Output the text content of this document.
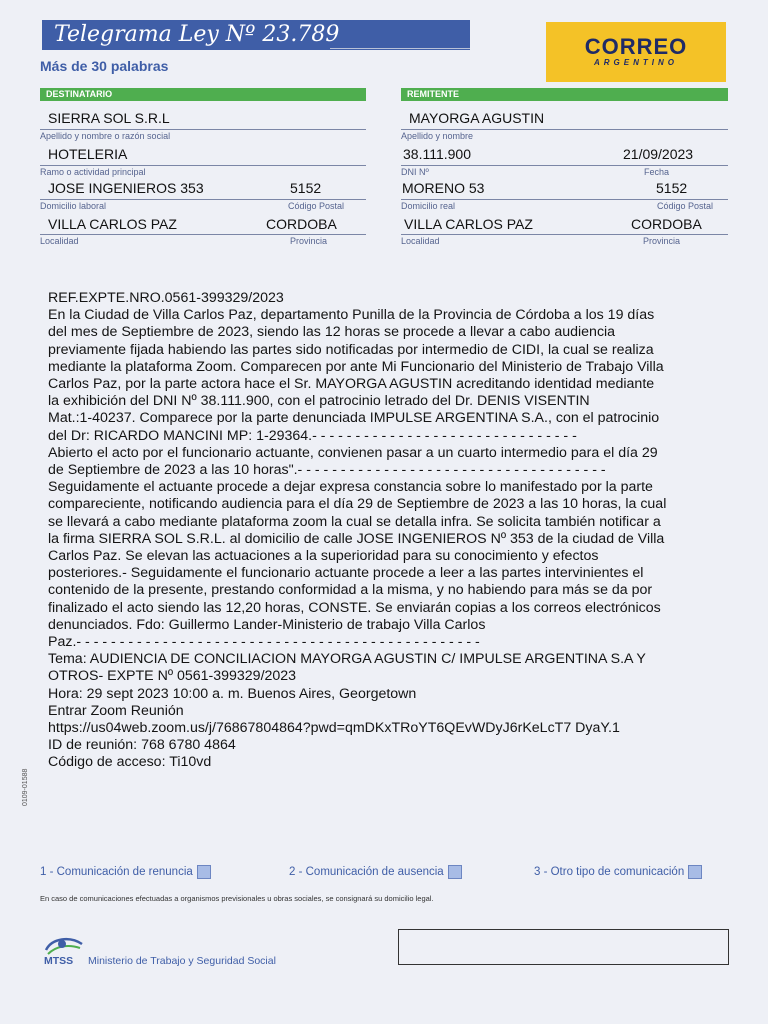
Telegrama Ley Nº 23.789
Más de 30 palabras
CORREO
ARGENTINO
DESTINATARIO
SIERRA SOL S.R.L
Apellido y nombre o razón social
HOTELERIA
Ramo o actividad principal
JOSE INGENIEROS 353	5152
Domicilio laboral	Código Postal
VILLA CARLOS PAZ	CORDOBA
Localidad	Provincia
REMITENTE
MAYORGA AGUSTIN
Apellido y nombre
38.111.900	21/09/2023
DNI Nº	Fecha
MORENO 53	5152
Domicilio real	Código Postal
VILLA CARLOS PAZ	CORDOBA
Localidad	Provincia
REF.EXPTE.NRO.0561-399329/2023
En la Ciudad de Villa Carlos Paz, departamento Punilla de la Provincia de Córdoba a los 19 días
del mes de Septiembre de 2023, siendo las 12 horas se procede a llevar a cabo audiencia
previamente fijada habiendo las partes sido notificadas por intermedio de CIDI, la cual se realiza
mediante la plataforma Zoom. Comparecen por ante Mi Funcionario del Ministerio de Trabajo Villa
Carlos Paz, por la parte actora hace el Sr. MAYORGA AGUSTIN acreditando identidad mediante
la exhibición del DNI Nº 38.111.900, con el patrocinio letrado del Dr. DENIS VISENTIN
Mat.:1-40237. Comparece por la parte denunciada IMPULSE ARGENTINA S.A., con el patrocinio
del Dr: RICARDO MANCINI MP: 1-29364.- - - - - - - - - - - - - - - - - - - - - - - - - - - - - - -
Abierto el acto por el funcionario actuante, convienen pasar a un cuarto intermedio para el día 29
de Septiembre de 2023 a las 10 horas".- - - - - - - - - - - - - - - - - - - - - - - - - - - - - - - - - - - -
Seguidamente el actuante procede a dejar expresa constancia sobre lo manifestado por la parte
compareciente, notificando audiencia para el día 29 de Septiembre de 2023 a las 10 horas, la cual
se llevará a cabo mediante plataforma zoom la cual se detalla infra. Se solicita también notificar a
la firma SIERRA SOL S.R.L. al domicilio de calle JOSE INGENIEROS Nº 353 de la ciudad de Villa
Carlos Paz. Se elevan las actuaciones a la superioridad para su conocimiento y efectos
posteriores.- Seguidamente el funcionario actuante procede a leer a las partes intervinientes el
contenido de la presente, prestando conformidad a la misma, y no habiendo para más se da por
finalizado el acto siendo las 12,20 horas, CONSTE. Se enviarán copias a los correos electrónicos
denunciados. Fdo: Guillermo Lander-Ministerio de trabajo Villa Carlos
Paz.- - - - - - - - - - - - - - - - - - - - - - - - - - - - - - - - - - - - - - - - - - - - - - -
Tema: AUDIENCIA DE CONCILIACION MAYORGA AGUSTIN C/ IMPULSE ARGENTINA S.A Y
OTROS- EXPTE Nº 0561-399329/2023
Hora: 29 sept 2023 10:00 a. m. Buenos Aires, Georgetown
Entrar Zoom Reunión
https://us04web.zoom.us/j/76867804864?pwd=qmDKxTRoYT6QEvWDyJ6rKeLcT7 DyaY.1
ID de reunión: 768 6780 4864
Código de acceso: Ti10vd
0109-01588
1 - Comunicación de renuncia	2 - Comunicación de ausencia	3 - Otro tipo de comunicación
En caso de comunicaciones efectuadas a organismos previsionales u obras sociales, se consignará su domicilio legal.
MTSS Ministerio de Trabajo y Seguridad Social
